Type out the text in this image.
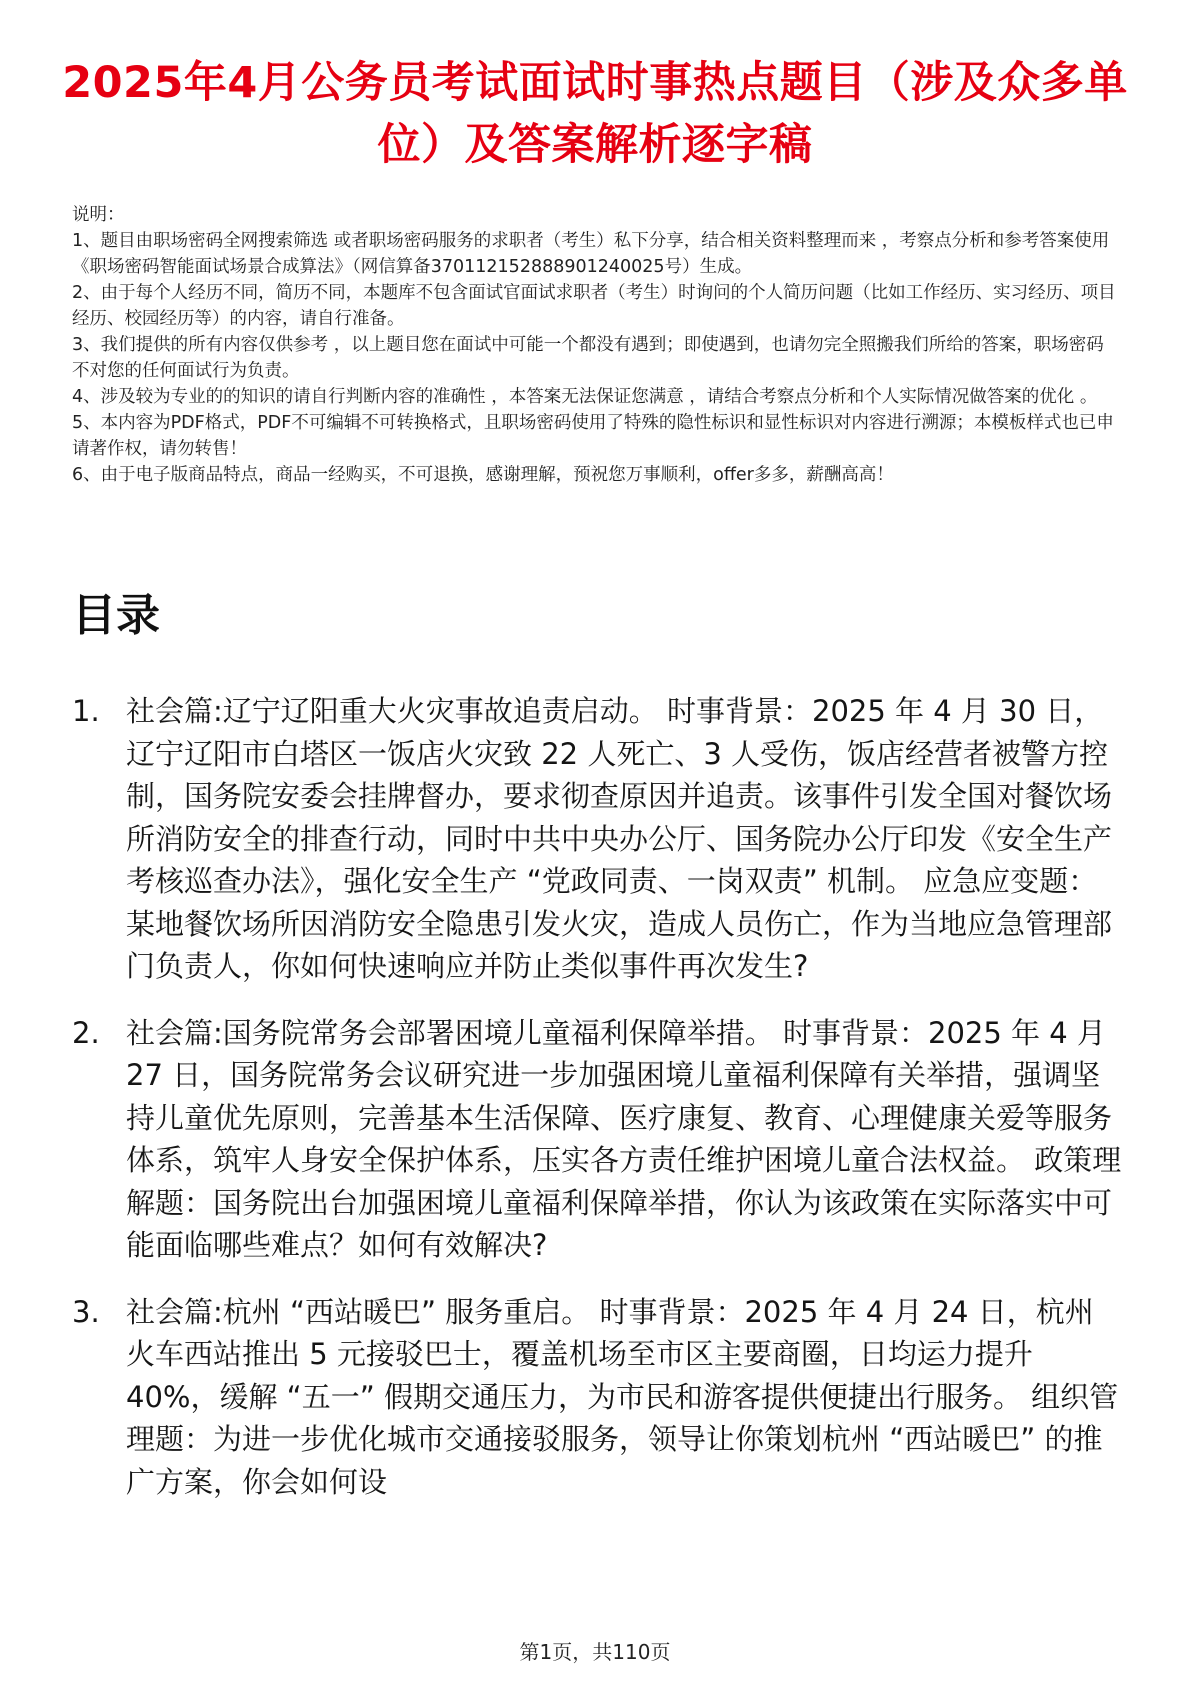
2025年4月公务员考试面试时事热点题目（涉及众多单位）及答案解析逐字稿

说明：

1、题目由职场密码全网搜索筛选 或者职场密码服务的求职者（考生）私下分享，结合相关资料整理而来 ，考察点分析和参考答案使用《职场密码智能面试场景合成算法》（网信算备370112152888901240025号）生成。

2、由于每个人经历不同，简历不同，本题库不包含面试官面试求职者（考生）时询问的个人简历问题（比如工作经历、实习经历、项目经历、校园经历等）的内容，请自行准备。

3、我们提供的所有内容仅供参考 ，以上题目您在面试中可能一个都没有遇到；即使遇到，也请勿完全照搬我们所给的答案，职场密码不对您的任何面试行为负责。

4、涉及较为专业的的知识的请自行判断内容的准确性 ，本答案无法保证您满意 ，请结合考察点分析和个人实际情况做答案的优化 。

5、本内容为PDF格式，PDF不可编辑不可转换格式，且职场密码使用了特殊的隐性标识和显性标识对内容进行溯源；本模板样式也已申请著作权，请勿转售！

6、由于电子版商品特点，商品一经购买，不可退换，感谢理解，预祝您万事顺利，offer多多，薪酬高高！

目录
1. 社会篇:辽宁辽阳重大火灾事故追责启动。 时事背景：2025 年 4 月 30 日，辽宁辽阳市白塔区一饭店火灾致 22 人死亡、3 人受伤，饭店经营者被警方控制，国务院安委会挂牌督办，要求彻查原因并追责。该事件引发全国对餐饮场所消防安全的排查行动，同时中共中央办公厅、国务院办公厅印发《安全生产考核巡查办法》，强化安全生产 “党政同责、一岗双责” 机制。 应急应变题：某地餐饮场所因消防安全隐患引发火灾，造成人员伤亡，作为当地应急管理部门负责人，你如何快速响应并防止类似事件再次发生?
2. 社会篇:国务院常务会部署困境儿童福利保障举措。 时事背景：2025 年 4 月 27 日，国务院常务会议研究进一步加强困境儿童福利保障有关举措，强调坚持儿童优先原则，完善基本生活保障、医疗康复、教育、心理健康关爱等服务体系，筑牢人身安全保护体系，压实各方责任维护困境儿童合法权益。 政策理解题：国务院出台加强困境儿童福利保障举措，你认为该政策在实际落实中可能面临哪些难点？如何有效解决?
3. 社会篇:杭州 “西站暖巴” 服务重启。 时事背景：2025 年 4 月 24 日，杭州火车西站推出 5 元接驳巴士，覆盖机场至市区主要商圈，日均运力提升 40%，缓解 “五一” 假期交通压力，为市民和游客提供便捷出行服务。 组织管理题：为进一步优化城市交通接驳服务，领导让你策划杭州 “西站暖巴” 的推广方案，你会如何设
第1页，共110页
